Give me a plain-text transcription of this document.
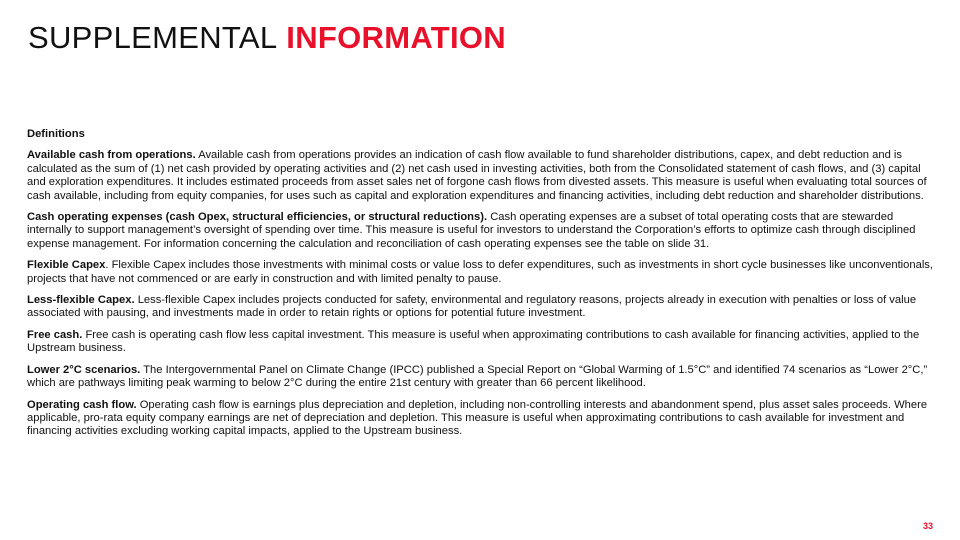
SUPPLEMENTAL INFORMATION

Definitions

Available cash from operations. Available cash from operations provides an indication of cash flow available to fund shareholder distributions, capex, and debt reduction and is calculated as the sum of (1) net cash provided by operating activities and (2) net cash used in investing activities, both from the Consolidated statement of cash flows, and (3) capital and exploration expenditures. It includes estimated proceeds from asset sales net of forgone cash flows from divested assets. This measure is useful when evaluating total sources of cash available, including from equity companies, for uses such as capital and exploration expenditures and financing activities, including debt reduction and shareholder distributions.

Cash operating expenses (cash Opex, structural efficiencies, or structural reductions). Cash operating expenses are a subset of total operating costs that are stewarded internally to support management’s oversight of spending over time. This measure is useful for investors to understand the Corporation’s efforts to optimize cash through disciplined expense management. For information concerning the calculation and reconciliation of cash operating expenses see the table on slide 31.

Flexible Capex. Flexible Capex includes those investments with minimal costs or value loss to defer expenditures, such as investments in short cycle businesses like unconventionals, projects that have not commenced or are early in construction and with limited penalty to pause.

Less-flexible Capex. Less-flexible Capex includes projects conducted for safety, environmental and regulatory reasons, projects already in execution with penalties or loss of value associated with pausing, and investments made in order to retain rights or options for potential future investment.

Free cash. Free cash is operating cash flow less capital investment. This measure is useful when approximating contributions to cash available for financing activities, applied to the Upstream business.

Lower 2°C scenarios. The Intergovernmental Panel on Climate Change (IPCC) published a Special Report on “Global Warming of 1.5°C” and identified 74 scenarios as “Lower 2°C,” which are pathways limiting peak warming to below 2°C during the entire 21st century with greater than 66 percent likelihood.

Operating cash flow. Operating cash flow is earnings plus depreciation and depletion, including non-controlling interests and abandonment spend, plus asset sales proceeds. Where applicable, pro-rata equity company earnings are net of depreciation and depletion. This measure is useful when approximating contributions to cash available for investment and financing activities excluding working capital impacts, applied to the Upstream business.

33
